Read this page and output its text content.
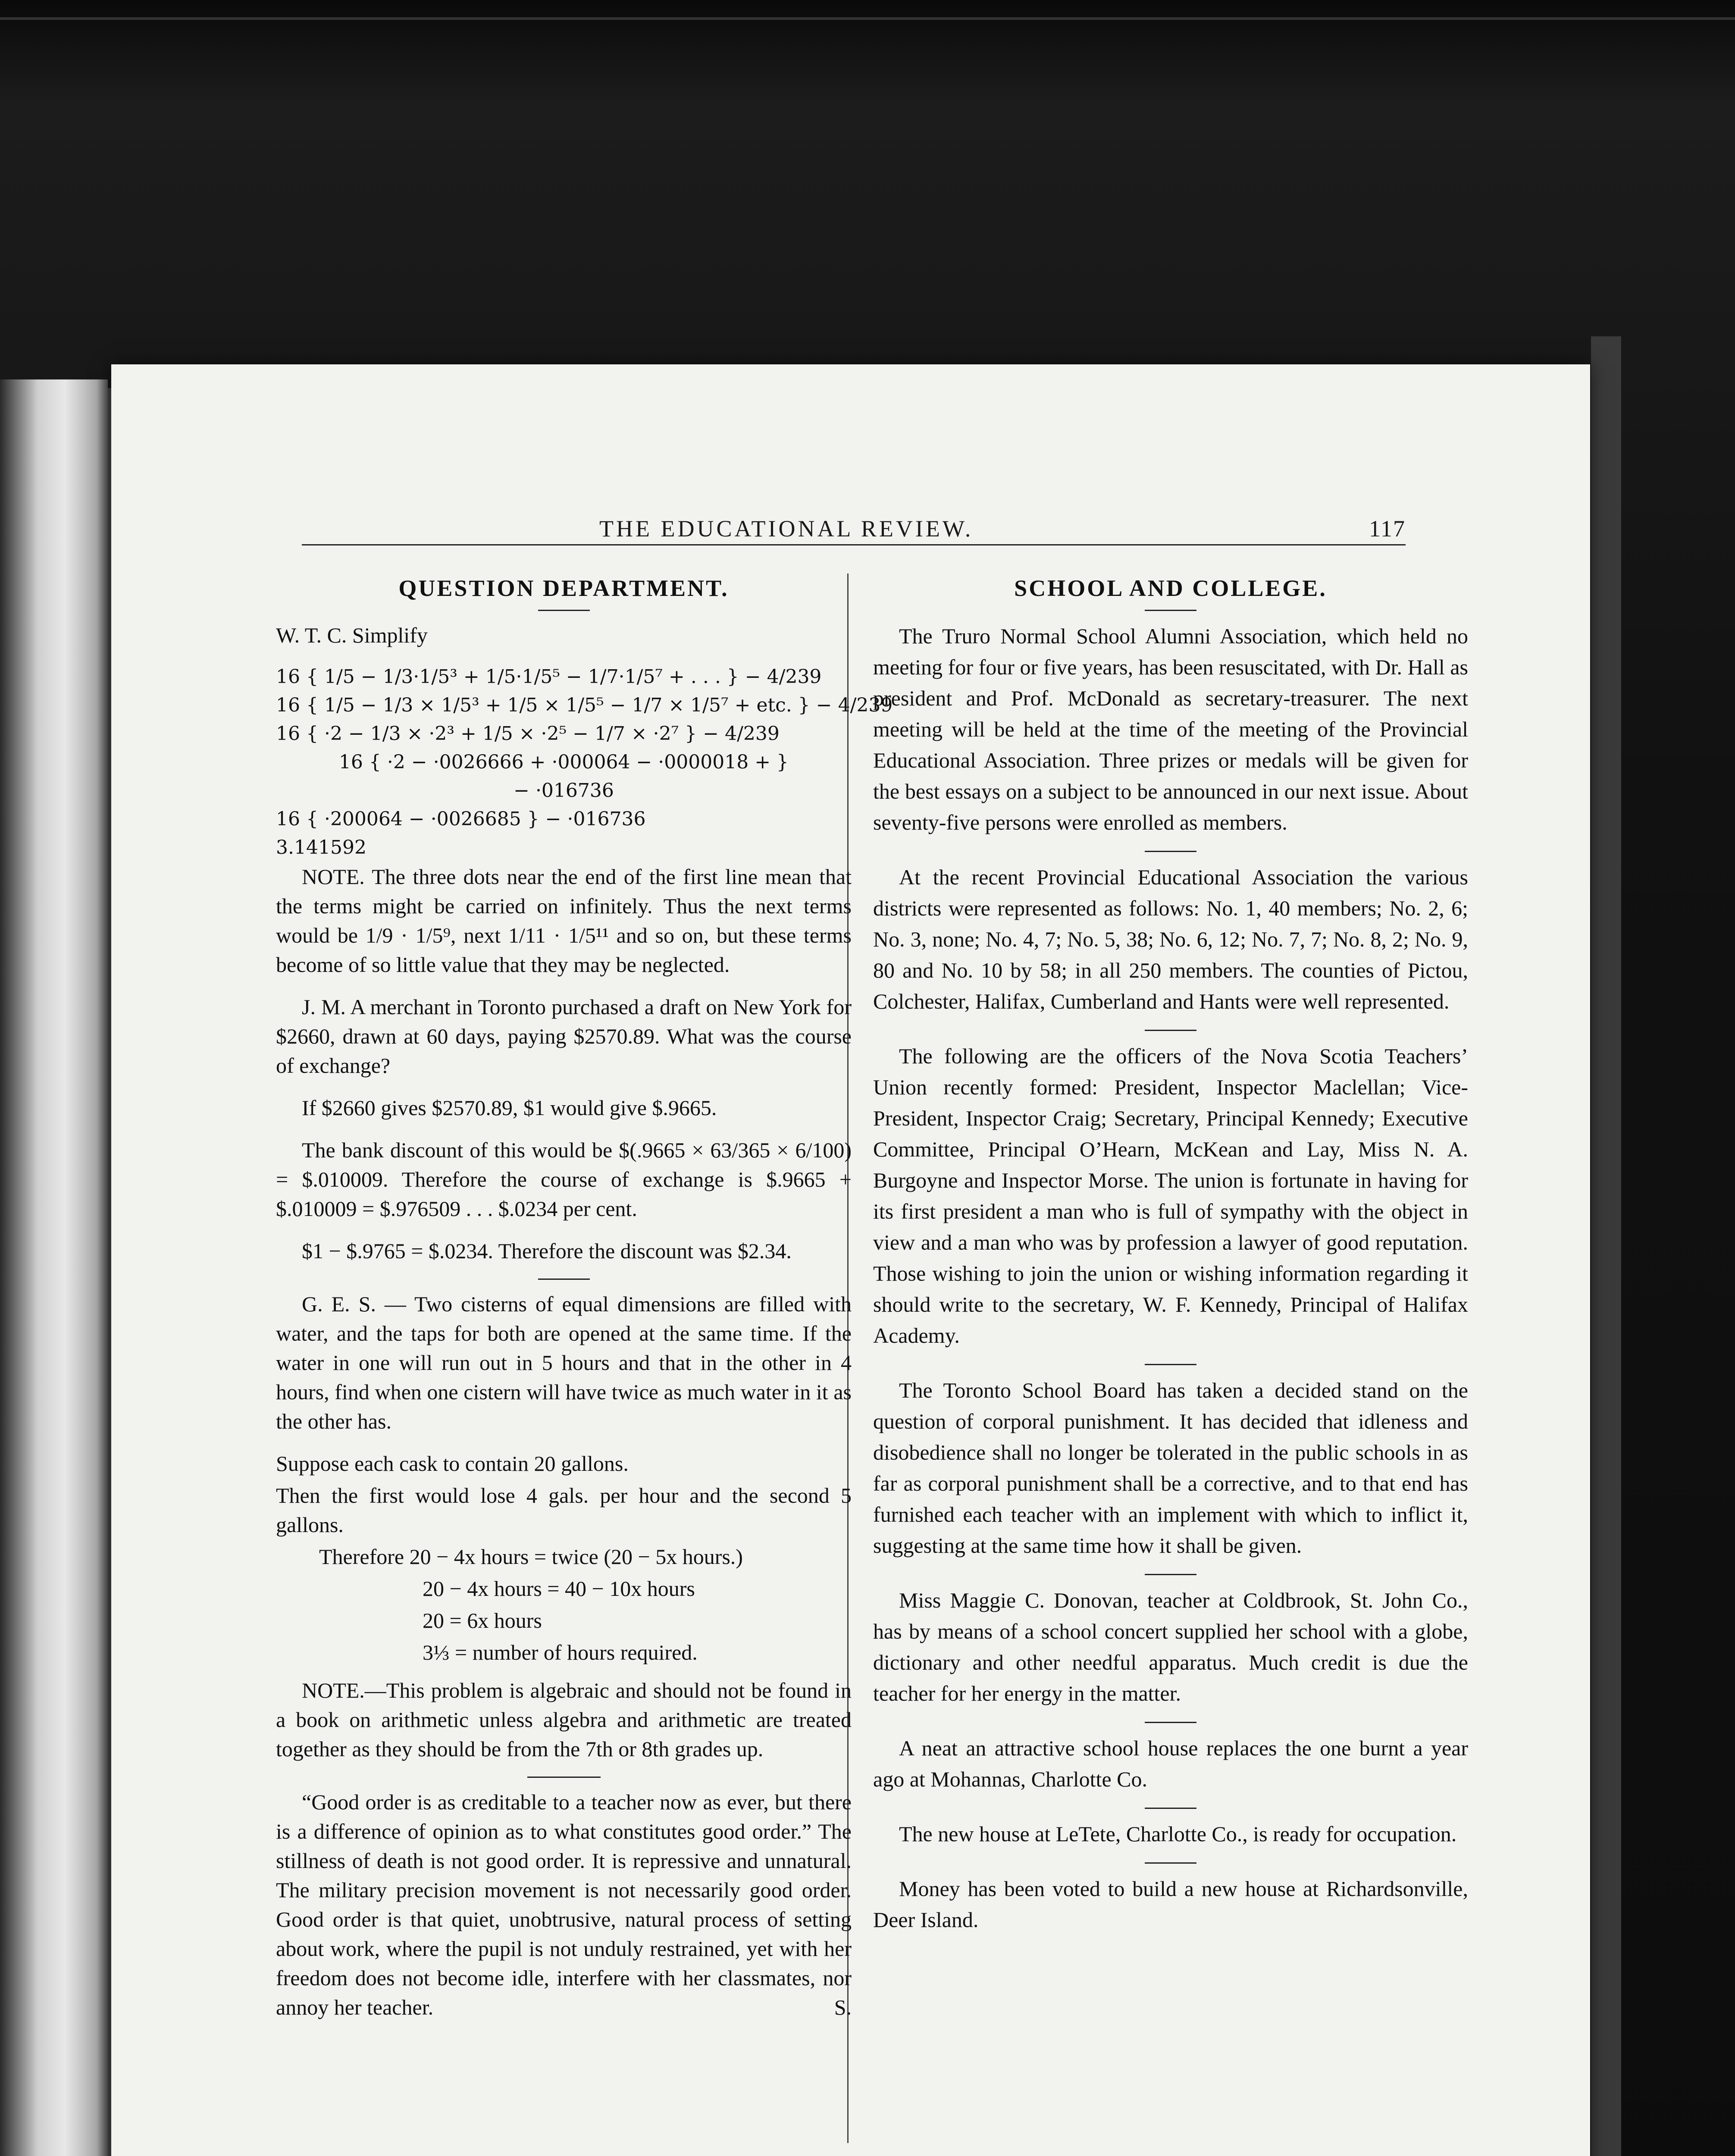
THE EDUCATIONAL REVIEW.	117
QUESTION DEPARTMENT.

W. T. C. Simplify

16 { 1/5 − 1/3·1/5³ + 1/5·1/5⁵ − 1/7·1/5⁷ + . . . } − 4/239
16 { 1/5 − 1/3 × 1/5³ + 1/5 × 1/5⁵ − 1/7 × 1/5⁷ + etc. } − 4/239
16 { ·2 − 1/3 × ·2³ + 1/5 × ·2⁵ − 1/7 × ·2⁷ } − 4/239
16 { ·2 − ·0026666 + ·000064 − ·0000018 + }
− ·016736
16 { ·200064 − ·0026685 } − ·016736
3.141592

NOTE. The three dots near the end of the first line mean that the terms might be carried on infinitely. Thus the next terms would be 1/9 · 1/5⁹, next 1/11 · 1/5¹¹ and so on, but these terms become of so little value that they may be neglected.

J. M. A merchant in Toronto purchased a draft on New York for $2660, drawn at 60 days, paying $2570.89. What was the course of exchange?

If $2660 gives $2570.89, $1 would give $.9665.

The bank discount of this would be $(.9665 × 63/365 × 6/100) = $.010009. Therefore the course of exchange is $.9665 + $.010009 = $.976509 . . . $.0234 per cent.

$1 − $.9765 = $.0234. Therefore the discount was $2.34.

G. E. S. — Two cisterns of equal dimensions are filled with water, and the taps for both are opened at the same time. If the water in one will run out in 5 hours and that in the other in 4 hours, find when one cistern will have twice as much water in it as the other has.

Suppose each cask to contain 20 gallons.

Then the first would lose 4 gals. per hour and the second 5 gallons.

Therefore 20 − 4x hours = twice (20 − 5x hours.)
20 − 4x hours = 40 − 10x hours
20 = 6x hours
3⅓ = number of hours required.

NOTE.—This problem is algebraic and should not be found in a book on arithmetic unless algebra and arithmetic are treated together as they should be from the 7th or 8th grades up.

“Good order is as creditable to a teacher now as ever, but there is a difference of opinion as to what constitutes good order.” The stillness of death is not good order. It is repressive and unnatural. The military precision movement is not necessarily good order. Good order is that quiet, unobtrusive, natural process of setting about work, where the pupil is not unduly restrained, yet with her freedom does not become idle, interfere with her classmates, nor annoy her teacher.	S.

SCHOOL AND COLLEGE.

The Truro Normal School Alumni Association, which held no meeting for four or five years, has been resuscitated, with Dr. Hall as president and Prof. McDonald as secretary-treasurer. The next meeting will be held at the time of the meeting of the Provincial Educational Association. Three prizes or medals will be given for the best essays on a subject to be announced in our next issue. About seventy-five persons were enrolled as members.

At the recent Provincial Educational Association the various districts were represented as follows: No. 1, 40 members; No. 2, 6; No. 3, none; No. 4, 7; No. 5, 38; No. 6, 12; No. 7, 7; No. 8, 2; No. 9, 80 and No. 10 by 58; in all 250 members. The counties of Pictou, Colchester, Halifax, Cumberland and Hants were well represented.

The following are the officers of the Nova Scotia Teachers’ Union recently formed: President, Inspector Maclellan; Vice-President, Inspector Craig; Secretary, Principal Kennedy; Executive Committee, Principal O’Hearn, McKean and Lay, Miss N. A. Burgoyne and Inspector Morse. The union is fortunate in having for its first president a man who is full of sympathy with the object in view and a man who was by profession a lawyer of good reputation. Those wishing to join the union or wishing information regarding it should write to the secretary, W. F. Kennedy, Principal of Halifax Academy.

The Toronto School Board has taken a decided stand on the question of corporal punishment. It has decided that idleness and disobedience shall no longer be tolerated in the public schools in as far as corporal punishment shall be a corrective, and to that end has furnished each teacher with an implement with which to inflict it, suggesting at the same time how it shall be given.

Miss Maggie C. Donovan, teacher at Coldbrook, St. John Co., has by means of a school concert supplied her school with a globe, dictionary and other needful apparatus. Much credit is due the teacher for her energy in the matter.

A neat an attractive school house replaces the one burnt a year ago at Mohannas, Charlotte Co.

The new house at LeTete, Charlotte Co., is ready for occupation.

Money has been voted to build a new house at Richardsonville, Deer Island.
